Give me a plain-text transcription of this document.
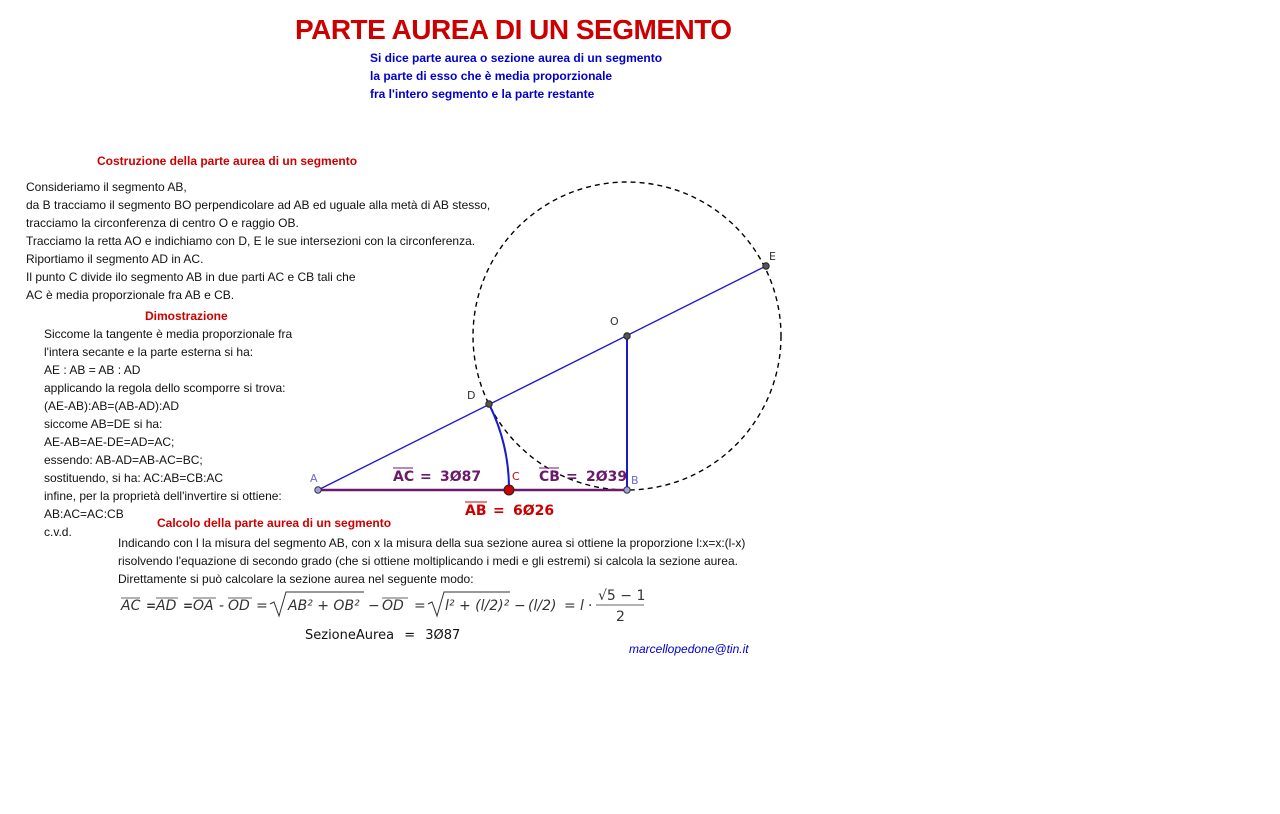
PARTE AUREA DI UN SEGMENTO
Si dice parte aurea o sezione aurea di un segmento
la parte di esso che è media proporzionale
fra l'intero segmento e la parte restante
Costruzione della parte aurea di un segmento
Consideriamo il segmento AB,
da B tracciamo il segmento BO perpendicolare ad AB ed uguale alla metà di AB stesso,
tracciamo la circonferenza di centro O e raggio OB.
Tracciamo la retta AO e indichiamo con D, E le sue intersezioni con la circonferenza.
Riportiamo il segmento AD in AC.
Il punto C divide ilo segmento AB in due parti AC e CB tali che
AC è media proporzionale fra AB e CB.
Dimostrazione
Siccome la tangente è media proporzionale fra
l'intera secante e la parte esterna si ha:
AE : AB = AB : AD
applicando la regola dello scomporre si trova:
(AE-AB):AB=(AB-AD):AD
siccome AB=DE si ha:
AE-AB=AE-DE=AD=AC;
essendo: AB-AD=AB-AC=BC;
sostituendo, si ha: AC:AB=CB:AC
infine, per la proprietà dell'invertire si ottiene:
AB:AC=AC:CB
c.v.d.
Calcolo della parte aurea di un segmento
Indicando con l la misura del segmento AB, con x la misura della sua sezione aurea si ottiene la proporzione l:x=x:(l-x)
risolvendo l'equazione di secondo grado (che si ottiene moltiplicando i medi e gli estremi) si calcola la sezione aurea.
Direttamente si può calcolare la sezione aurea nel seguente modo:
AC = AD = OA - OD = AB² + OB² − OD = l² + (l/2)² − (l/2) = l ·
√5 − 1
2
SezioneAurea = 3Ø87
marcellopedone@tin.it
A	B
C
D
E
O
AC = 3Ø87	CB = 2Ø39
AB = 6Ø26
